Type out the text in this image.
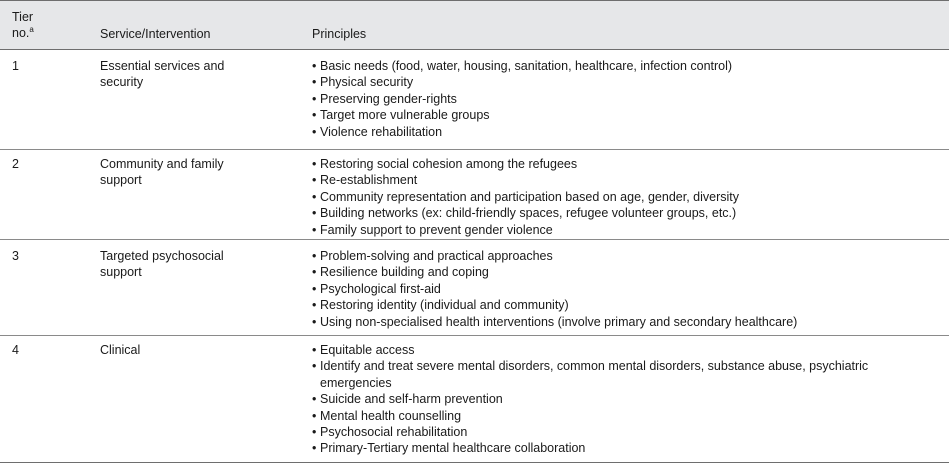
Tier
no.$^a$	Service/Intervention	Principles
1	Essential services and security
• Basic needs (food, water, housing, sanitation, healthcare, infection control)
• Physical security
• Preserving gender-rights
• Target more vulnerable groups
• Violence rehabilitation
2	Community and family support
• Restoring social cohesion among the refugees
• Re-establishment
• Community representation and participation based on age, gender, diversity
• Building networks (ex: child-friendly spaces, refugee volunteer groups, etc.)
• Family support to prevent gender violence
3	Targeted psychosocial support
• Problem-solving and practical approaches
• Resilience building and coping
• Psychological first-aid
• Restoring identity (individual and community)
• Using non-specialised health interventions (involve primary and secondary healthcare)
4	Clinical
•	Equitable access
• Identify and treat severe mental disorders, common mental disorders, substance abuse, psychiatric emergencies
• Suicide and self-harm prevention
• Mental health counselling
• Psychosocial rehabilitation
• Primary-Tertiary mental healthcare collaboration
